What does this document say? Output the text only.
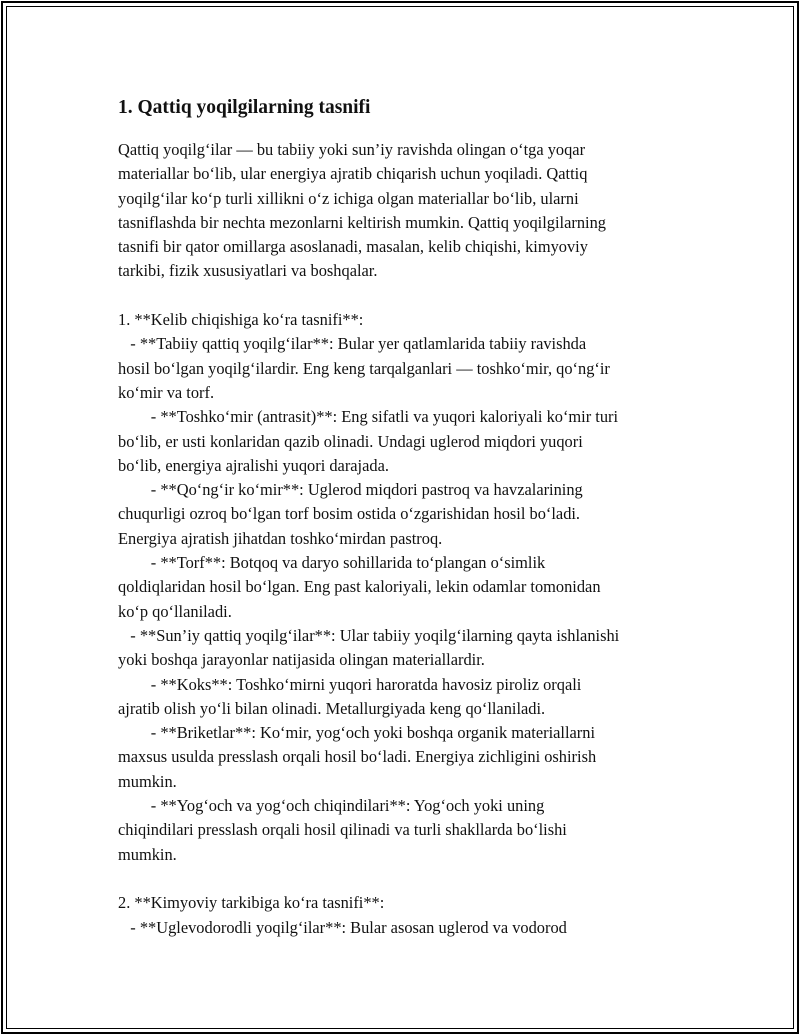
1. Qattiq yoqilgilarning tasnifi

Qattiq yoqilg‘ilar — bu tabiiy yoki sun’iy ravishda olingan o‘tga yoqar
materiallar bo‘lib, ular energiya ajratib chiqarish uchun yoqiladi. Qattiq
yoqilg‘ilar ko‘p turli xillikni o‘z ichiga olgan materiallar bo‘lib, ularni
tasniflashda bir nechta mezonlarni keltirish mumkin. Qattiq yoqilgilarning
tasnifi bir qator omillarga asoslanadi, masalan, kelib chiqishi, kimyoviy
tarkibi, fizik xususiyatlari va boshqalar.

1. **Kelib chiqishiga ko‘ra tasnifi**:
- **Tabiiy qattiq yoqilg‘ilar**: Bular yer qatlamlarida tabiiy ravishda
hosil bo‘lgan yoqilg‘ilardir. Eng keng tarqalganlari — toshko‘mir, qo‘ng‘ir
ko‘mir va torf.
- **Toshko‘mir (antrasit)**: Eng sifatli va yuqori kaloriyali ko‘mir turi
bo‘lib, er usti konlaridan qazib olinadi. Undagi uglerod miqdori yuqori
bo‘lib, energiya ajralishi yuqori darajada.
- **Qo‘ng‘ir ko‘mir**: Uglerod miqdori pastroq va havzalarining
chuqurligi ozroq bo‘lgan torf bosim ostida o‘zgarishidan hosil bo‘ladi.
Energiya ajratish jihatdan toshko‘mirdan pastroq.
- **Torf**: Botqoq va daryo sohillarida to‘plangan o‘simlik
qoldiqlaridan hosil bo‘lgan. Eng past kaloriyali, lekin odamlar tomonidan
ko‘p qo‘llaniladi.
- **Sun’iy qattiq yoqilg‘ilar**: Ular tabiiy yoqilg‘ilarning qayta ishlanishi
yoki boshqa jarayonlar natijasida olingan materiallardir.
- **Koks**: Toshko‘mirni yuqori haroratda havosiz piroliz orqali
ajratib olish yo‘li bilan olinadi. Metallurgiyada keng qo‘llaniladi.
- **Briketlar**: Ko‘mir, yog‘och yoki boshqa organik materiallarni
maxsus usulda presslash orqali hosil bo‘ladi. Energiya zichligini oshirish
mumkin.
- **Yog‘och va yog‘och chiqindilari**: Yog‘och yoki uning
chiqindilari presslash orqali hosil qilinadi va turli shakllarda bo‘lishi
mumkin.

2. **Kimyoviy tarkibiga ko‘ra tasnifi**:
- **Uglevodorodli yoqilg‘ilar**: Bular asosan uglerod va vodorod
